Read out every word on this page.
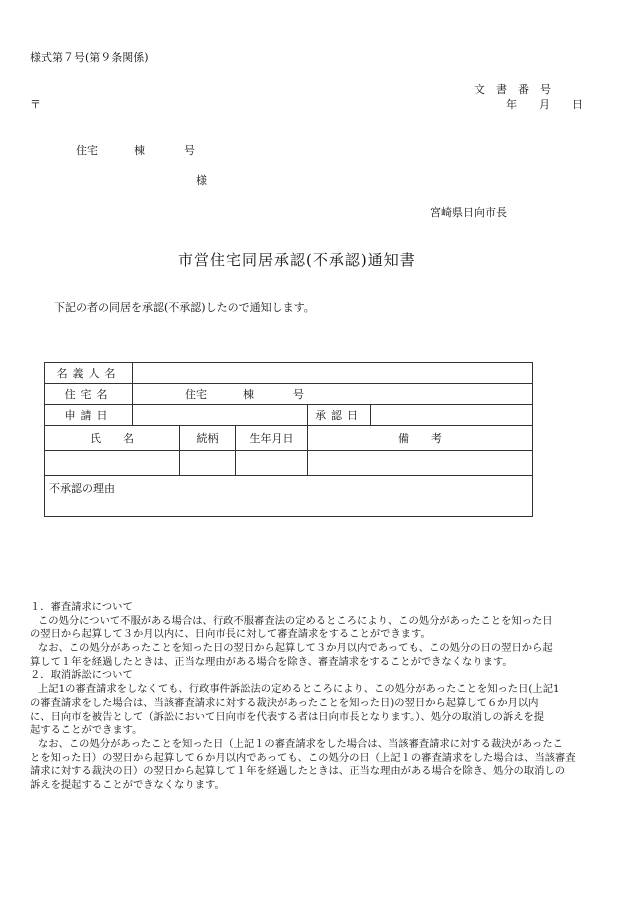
様式第７号(第９条関係)
文　書　番　号
〒	年　　月　　日
住宅	棟	号
様
宮崎県日向市長
市営住宅同居承認(不承認)通知書
下記の者の同居を承認(不承認)したので通知します。
名義人名					
住宅名	住宅 棟 号				

申請日				承認日	
氏　　名		続柄	生年月日	備　　考	

不承認の理由					
１．審査請求について
この処分について不服がある場合は、行政不服審査法の定めるところにより、この処分があったことを知った日
の翌日から起算して３か月以内に、日向市長に対して審査請求をすることができます。
なお、この処分があったことを知った日の翌日から起算して３か月以内であっても、この処分の日の翌日から起
算して１年を経過したときは、正当な理由がある場合を除き、審査請求をすることができなくなります。
２．取消訴訟について
上記1の審査請求をしなくても、行政事件訴訟法の定めるところにより、この処分があったことを知った日(上記1
の審査請求をした場合は、当該審査請求に対する裁決があったことを知った日)の翌日から起算して６か月以内
に、日向市を被告として（訴訟において日向市を代表する者は日向市長となります。）、処分の取消しの訴えを提
起することができます。
なお、この処分があったことを知った日（上記１の審査請求をした場合は、当該審査請求に対する裁決があったこ
とを知った日）の翌日から起算して６か月以内であっても、この処分の日（上記１の審査請求をした場合は、当該審査
請求に対する裁決の日）の翌日から起算して１年を経過したときは、正当な理由がある場合を除き、処分の取消しの
訴えを提起することができなくなります。
